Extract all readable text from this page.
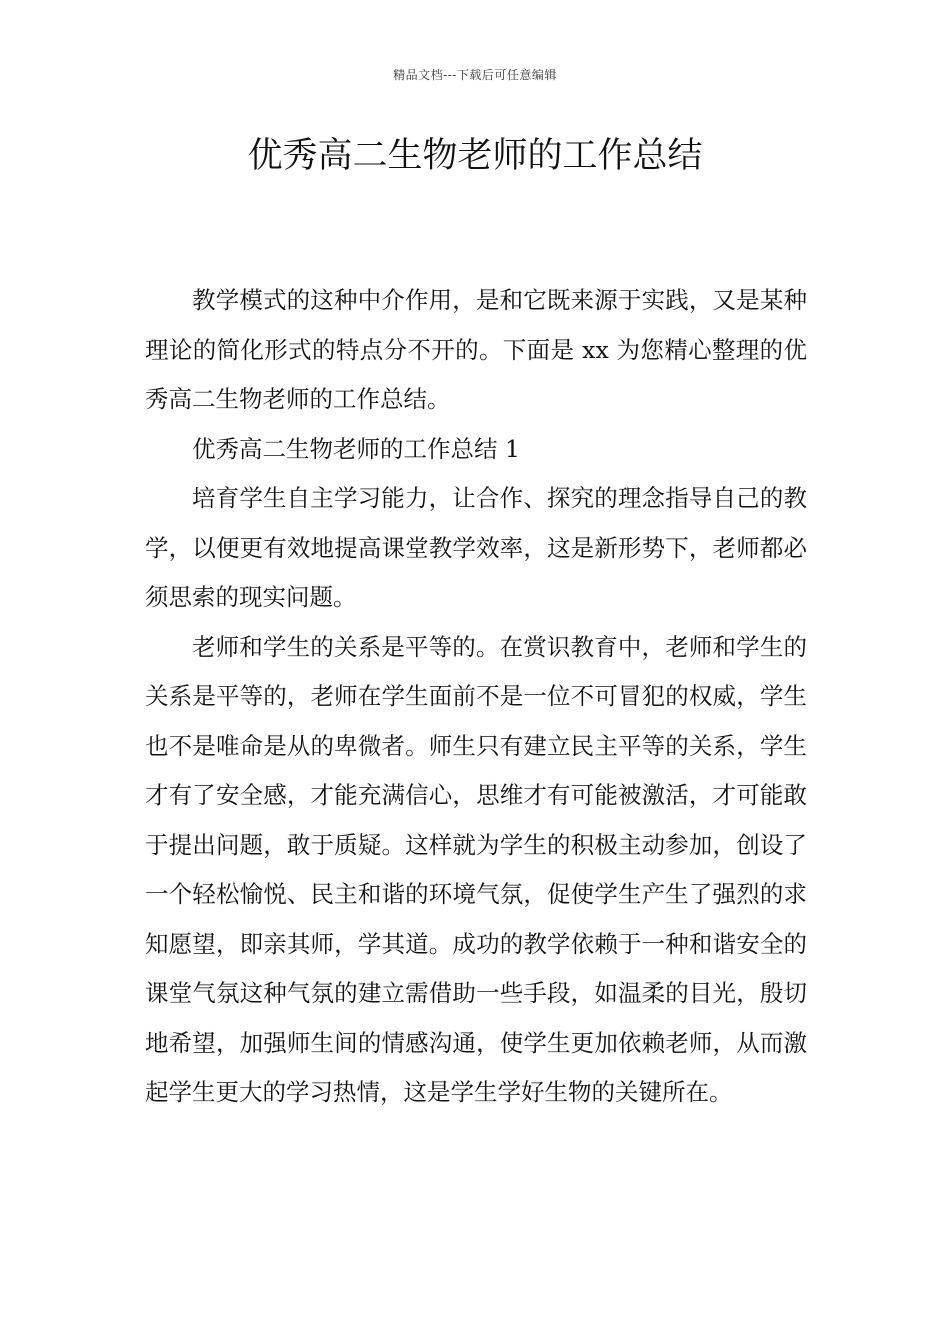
精品文档---下载后可任意编辑
优秀高二生物老师的工作总结

教学模式的这种中介作用，是和它既来源于实践，又是某种理论的简化形式的特点分不开的。下面是 xx 为您精心整理的优秀高二生物老师的工作总结。

优秀高二生物老师的工作总结 1

培育学生自主学习能力，让合作、探究的理念指导自己的教学，以便更有效地提高课堂教学效率，这是新形势下，老师都必须思索的现实问题。

老师和学生的关系是平等的。在赏识教育中，老师和学生的关系是平等的，老师在学生面前不是一位不可冒犯的权威，学生也不是唯命是从的卑微者。师生只有建立民主平等的关系，学生才有了安全感，才能充满信心，思维才有可能被激活，才可能敢于提出问题，敢于质疑。这样就为学生的积极主动参加，创设了一个轻松愉悦、民主和谐的环境气氛，促使学生产生了强烈的求知愿望，即亲其师，学其道。成功的教学依赖于一种和谐安全的课堂气氛这种气氛的建立需借助一些手段，如温柔的目光，殷切地希望，加强师生间的情感沟通，使学生更加依赖老师，从而激起学生更大的学习热情，这是学生学好生物的关键所在。
